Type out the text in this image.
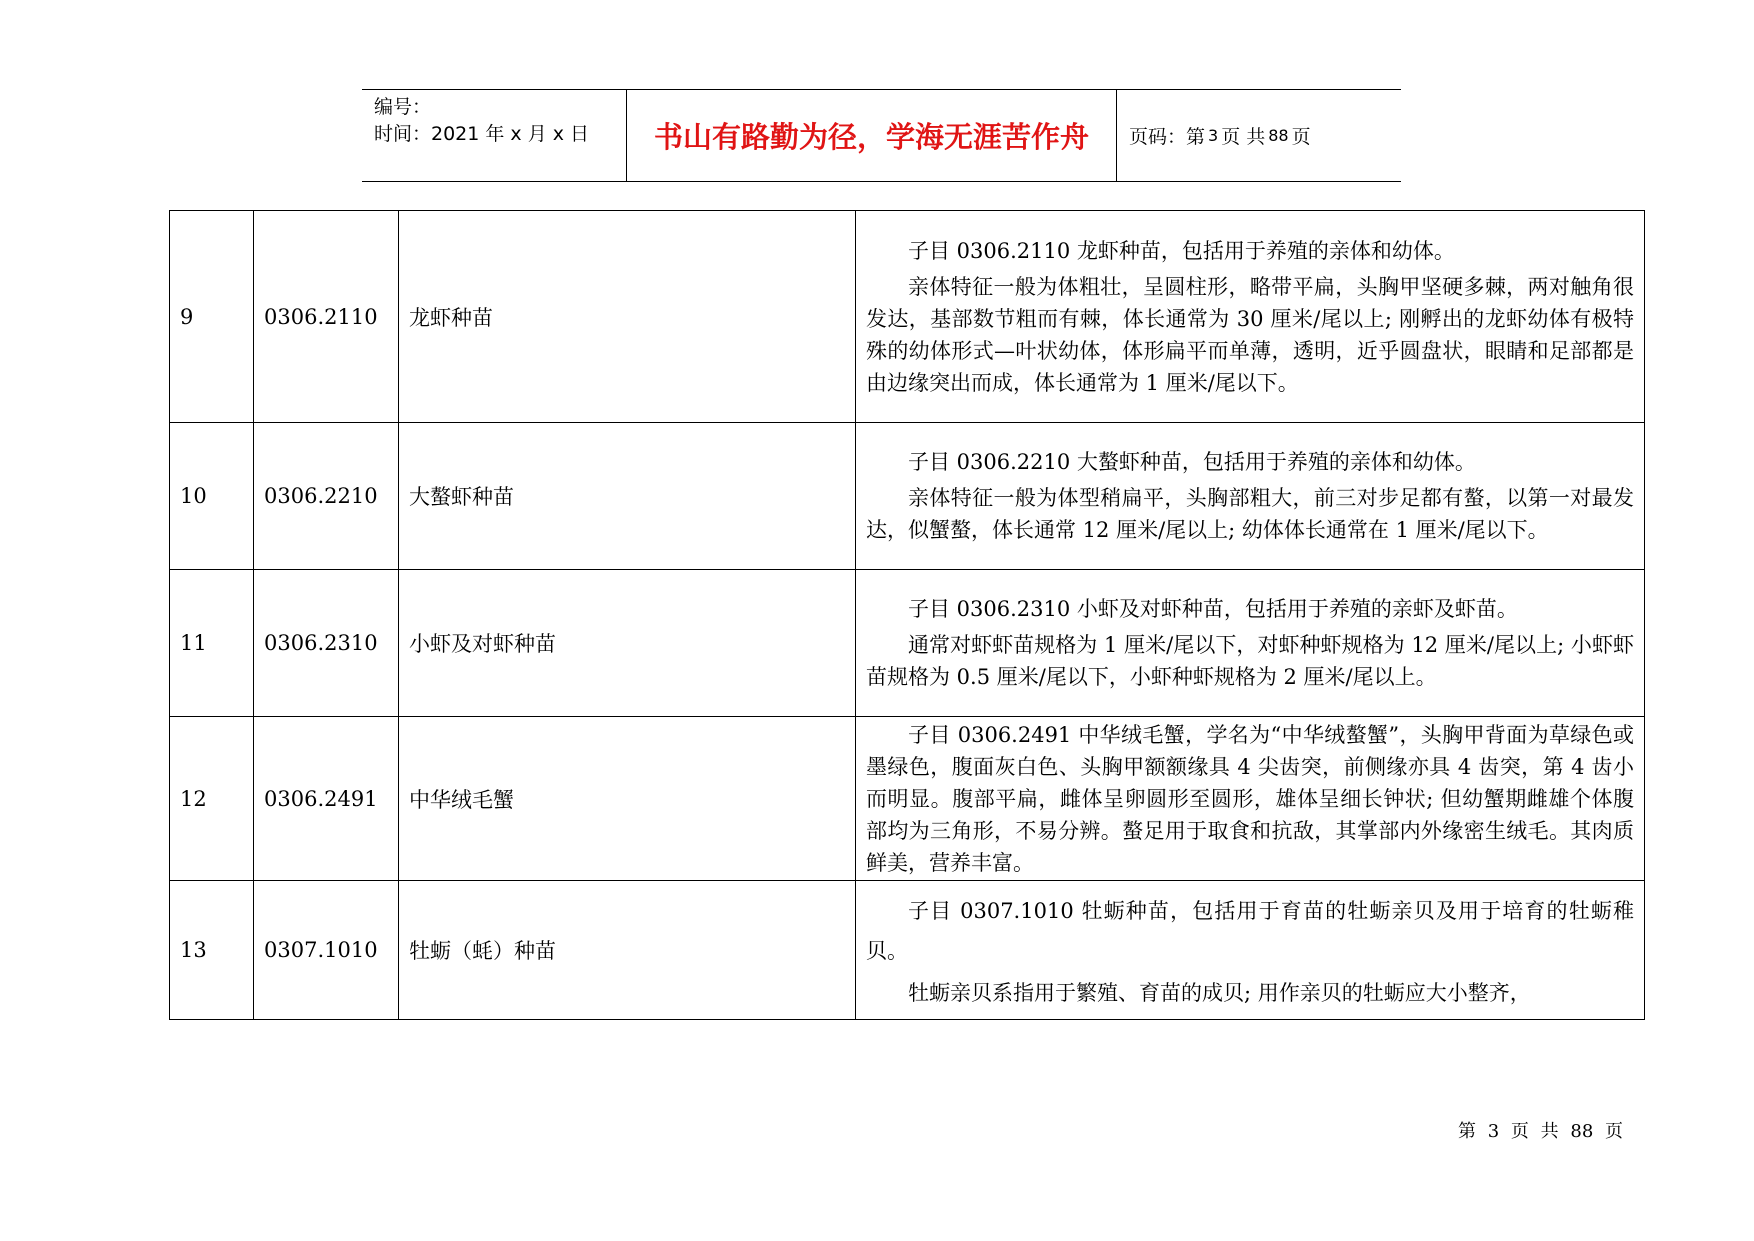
编号：
时间：2021 年 x 月 x 日	书山有路勤为径，学海无涯苦作舟	页码：第 3 页 共 88 页
9	0306.2110	龙虾种苗	子目 0306.2110 龙虾种苗，包括用于养殖的亲体和幼体。

亲体特征一般为体粗壮，呈圆柱形，略带平扁，头胸甲坚硬多棘，两对触角很发达，基部数节粗而有棘，体长通常为 30 厘米/尾以上; 刚孵出的龙虾幼体有极特殊的幼体形式—叶状幼体，体形扁平而单薄，透明，近乎圆盘状，眼睛和足部都是由边缘突出而成，体长通常为 1 厘米/尾以下。

10	0306.2210	大螯虾种苗	子目 0306.2210 大螯虾种苗，包括用于养殖的亲体和幼体。

亲体特征一般为体型稍扁平，头胸部粗大，前三对步足都有螯，以第一对最发达，似蟹螯，体长通常 12 厘米/尾以上; 幼体体长通常在 1 厘米/尾以下。

11	0306.2310	小虾及对虾种苗	子目 0306.2310 小虾及对虾种苗，包括用于养殖的亲虾及虾苗。

通常对虾虾苗规格为 1 厘米/尾以下，对虾种虾规格为 12 厘米/尾以上; 小虾虾苗规格为 0.5 厘米/尾以下，小虾种虾规格为 2 厘米/尾以上。

12	0306.2491	中华绒毛蟹	子目 0306.2491 中华绒毛蟹，学名为“中华绒螯蟹”，头胸甲背面为草绿色或墨绿色，腹面灰白色、头胸甲额额缘具 4 尖齿突，前侧缘亦具 4 齿突，第 4 齿小而明显。腹部平扁，雌体呈卵圆形至圆形，雄体呈细长钟状; 但幼蟹期雌雄个体腹部均为三角形，不易分辨。螯足用于取食和抗敌，其掌部内外缘密生绒毛。其肉质鲜美，营养丰富。

13	0307.1010	牡蛎（蚝）种苗	子目 0307.1010 牡蛎种苗，包括用于育苗的牡蛎亲贝及用于培育的牡蛎稚贝。

牡蛎亲贝系指用于繁殖、育苗的成贝; 用作亲贝的牡蛎应大小整齐，

第 3 页 共 88 页
